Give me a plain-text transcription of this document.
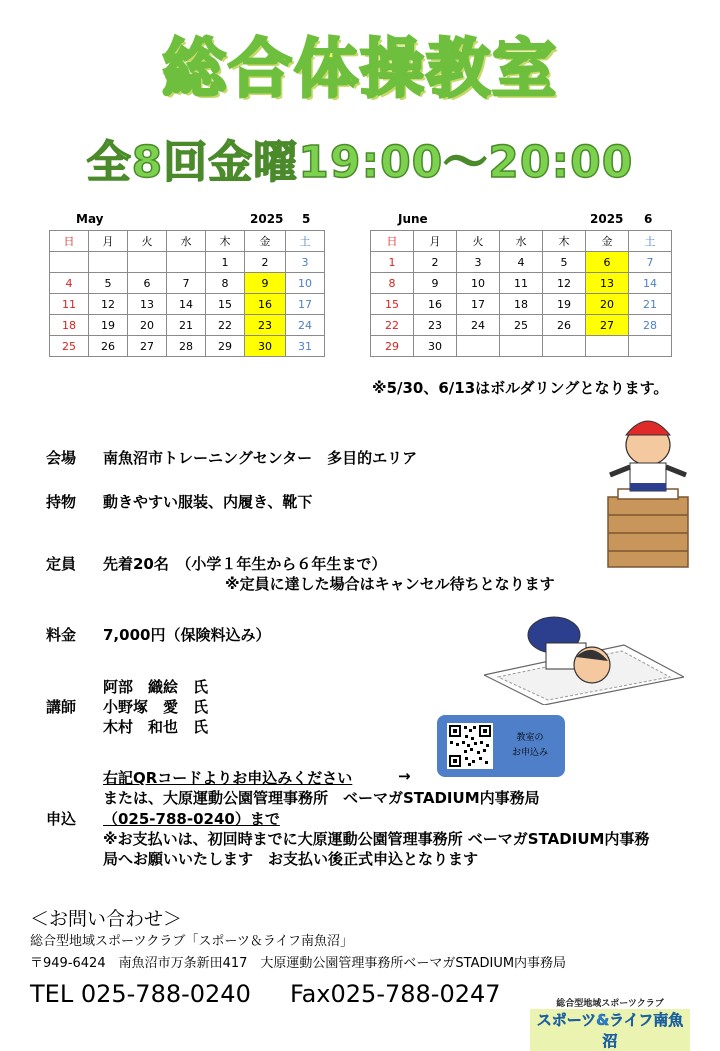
総合体操教室
全8回金曜19:00～20:00
May	2025 5	June	2025 6
日	月	火	水	木	金	土
				1	2	3
4	5	6	7	8	9	10
11	12	13	14	15	16	17
18	19	20	21	22	23	24
25	26	27	28	29	30	31
日	月	火	水	木	金	土
1	2	3	4	5	6	7
8	9	10	11	12	13	14
15	16	17	18	19	20	21
22	23	24	25	26	27	28
29	30					
※5/30、6/13はボルダリングとなります。
会場 南魚沼市トレーニングセンター　多目的エリア
持物 動きやすい服装、内履き、靴下
定員 先着20名　（小学１年生から６年生まで）
※定員に達した場合はキャンセル待ちとなります
料金 7,000円（保険料込み）
阿部　織絵　氏
講師 小野塚　愛　氏
木村　和也　氏
教室の
お申込み
右記QRコードよりお申込みください	→
または、大原運動公園管理事務所　ベーマガSTADIUM内事務局
申込 （025‐788‐0240）まで
※お支払いは、初回時までに大原運動公園管理事務所 ベーマガSTADIUM内事務
局へお願いいたします　お支払い後正式申込となります
＜お問い合わせ＞
総合型地域スポーツクラブ「スポーツ＆ライフ南魚沼」
〒949-6424　南魚沼市万条新田417　大原運動公園管理事務所ベーマガSTADIUM内事務局
TEL 025-788-0240 Fax025-788-0247	総合型地域スポーツクラブ
スポーツ&ライフ南魚沼
